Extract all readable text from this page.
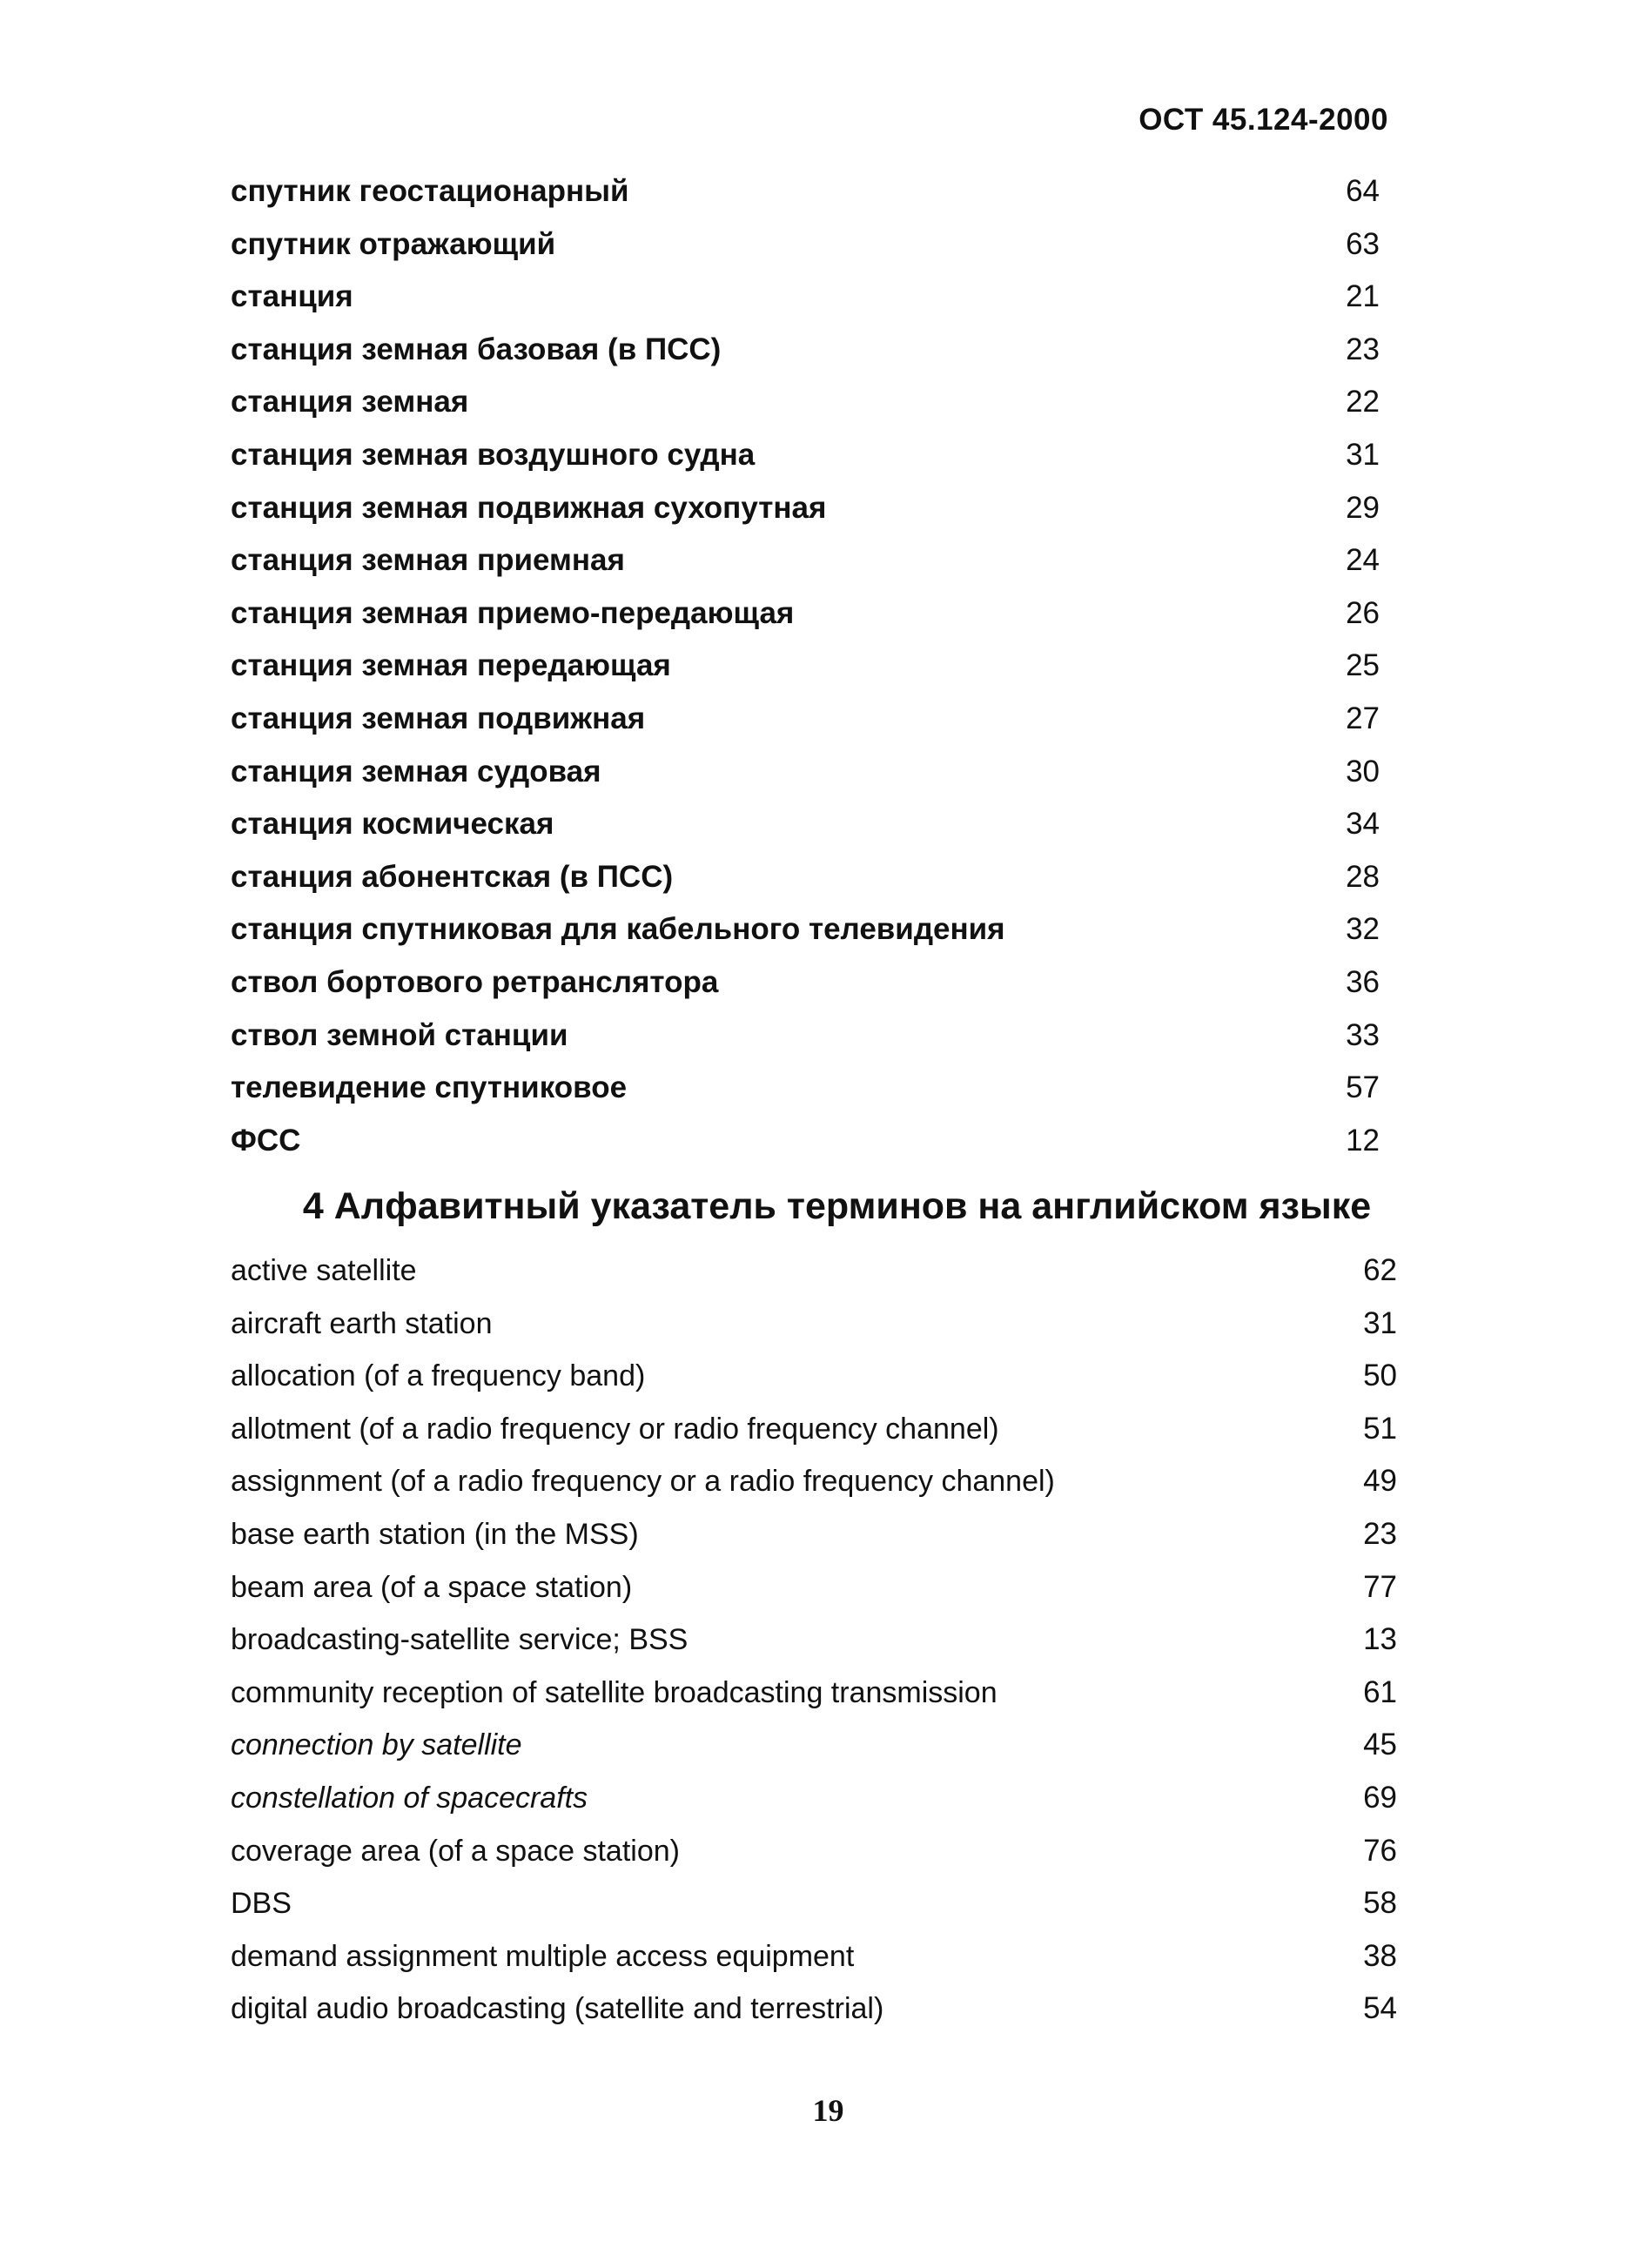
ОСТ 45.124-2000
спутник геостационарный	64
спутник отражающий	63
станция	21
станция земная базовая (в ПСС)	23
станция земная	22
станция земная воздушного судна	31
станция земная подвижная сухопутная	29
станция земная приемная	24
станция земная приемо-передающая	26
станция земная передающая	25
станция земная подвижная	27
станция земная судовая	30
станция космическая	34
станция абонентская (в ПСС)	28
станция спутниковая для кабельного телевидения	32
ствол бортового ретранслятора	36
ствол земной станции	33
телевидение спутниковое	57
ФСС	12
4 Алфавитный указатель терминов на английском языке
active satellite	62
aircraft earth station	31
allocation (of a frequency band)	50
allotment (of a radio frequency or radio frequency channel)	51
assignment (of a radio frequency or a radio frequency channel)	49
base earth station (in the MSS)	23
beam area (of a space station)	77
broadcasting-satellite service; BSS	13
community reception of satellite broadcasting transmission	61
connection by satellite	45
constellation of spacecrafts	69
coverage area (of a space station)	76
DBS	58
demand assignment multiple access equipment	38
digital audio broadcasting (satellite and terrestrial)	54
19
